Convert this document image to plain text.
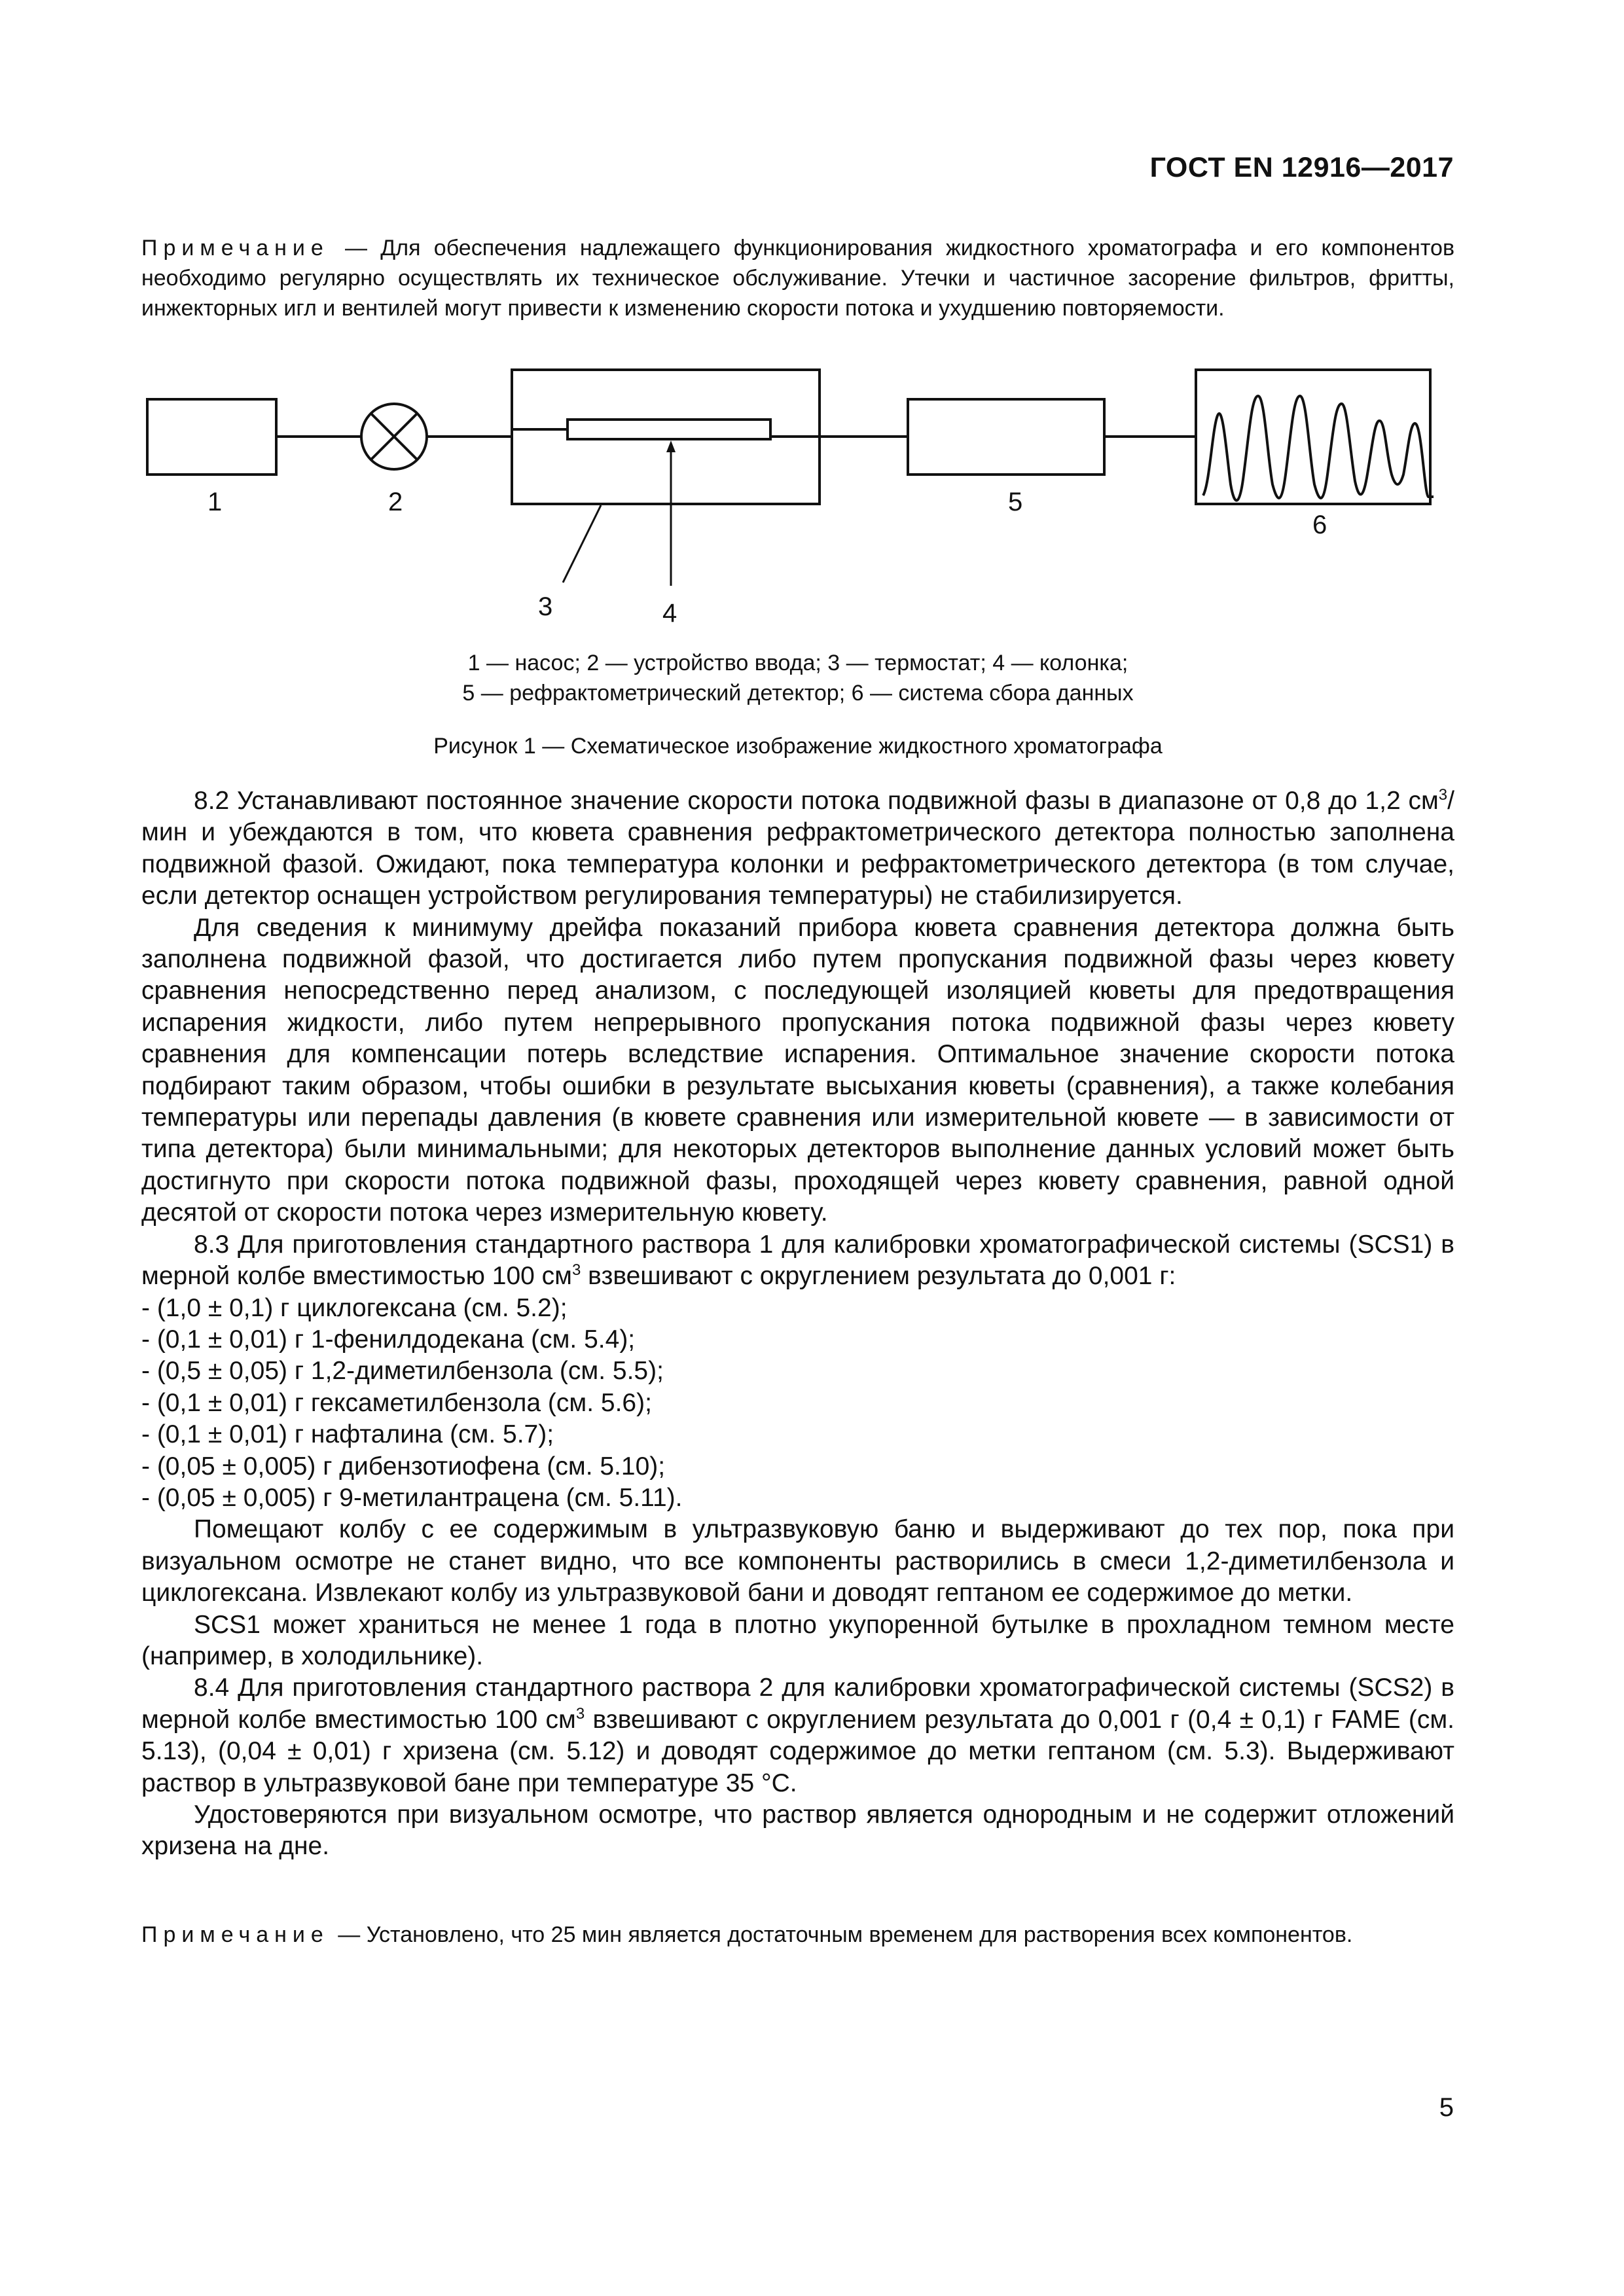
ГОСТ EN 12916—2017
Примечание — Для обеспечения надлежащего функционирования жидкостного хроматографа и его компонентов необходимо регулярно осуществлять их техническое обслуживание. Утечки и частичное засорение фильтров, фритты, инжекторных игл и вентилей могут привести к изменению скорости потока и ухудшению повторяемости.
1	2
3	4
5
6
1 — насос; 2 — устройство ввода; 3 — термостат; 4 — колонка;
5 — рефрактометрический детектор; 6 — система сбора данных
Рисунок 1 — Схематическое изображение жидкостного хроматографа

8.2 Устанавливают постоянное значение скорости потока подвижной фазы в диапазоне от 0,8 до 1,2 $см^3$/мин и убеждаются в том, что кювета сравнения рефрактометрического детектора полностью заполнена подвижной фазой. Ожидают, пока температура колонки и рефрактометрического детектора (в том случае, если детектор оснащен устройством регулирования температуры) не стабилизируется.

Для сведения к минимуму дрейфа показаний прибора кювета сравнения детектора должна быть заполнена подвижной фазой, что достигается либо путем пропускания подвижной фазы через кювету сравнения непосредственно перед анализом, с последующей изоляцией кюветы для предотвращения испарения жидкости, либо путем непрерывного пропускания потока подвижной фазы через кювету сравнения для компенсации потерь вследствие испарения. Оптимальное значение скорости потока подбирают таким образом, чтобы ошибки в результате высыхания кюветы (сравнения), а также колебания температуры или перепады давления (в кювете сравнения или измерительной кювете — в зависимости от типа детектора) были минимальными; для некоторых детекторов выполнение данных условий может быть достигнуто при скорости потока подвижной фазы, проходящей через кювету сравнения, равной одной десятой от скорости потока через измерительную кювету.

8.3 Для приготовления стандартного раствора 1 для калибровки хроматографической системы (SCS1) в мерной колбе вместимостью 100 $см^3$ взвешивают с округлением результата до 0,001 г:

- (1,0 ± 0,1) г циклогексана (см. 5.2);

- (0,1 ± 0,01) г 1-фенилдодекана (см. 5.4);

- (0,5 ± 0,05) г 1,2-диметилбензола (см. 5.5);

- (0,1 ± 0,01) г гексаметилбензола (см. 5.6);

- (0,1 ± 0,01) г нафталина (см. 5.7);

- (0,05 ± 0,005) г дибензотиофена (см. 5.10);

- (0,05 ± 0,005) г 9-метилантрацена (см. 5.11).

Помещают колбу с ее содержимым в ультразвуковую баню и выдерживают до тех пор, пока при визуальном осмотре не станет видно, что все компоненты растворились в смеси 1,2-диметилбензола и циклогексана. Извлекают колбу из ультразвуковой бани и доводят гептаном ее содержимое до метки.

SCS1 может храниться не менее 1 года в плотно укупоренной бутылке в прохладном темном месте (например, в холодильнике).

8.4 Для приготовления стандартного раствора 2 для калибровки хроматографической системы (SCS2) в мерной колбе вместимостью 100 $см^3$ взвешивают с округлением результата до 0,001 г (0,4 ± 0,1) г FAME (см. 5.13), (0,04 ± 0,01) г хризена (см. 5.12) и доводят содержимое до метки гептаном (см. 5.3). Выдерживают раствор в ультразвуковой бане при температуре 35 °С.

Удостоверяются при визуальном осмотре, что раствор является однородным и не содержит отложений хризена на дне.

Примечание — Установлено, что 25 мин является достаточным временем для растворения всех компонентов.
5
